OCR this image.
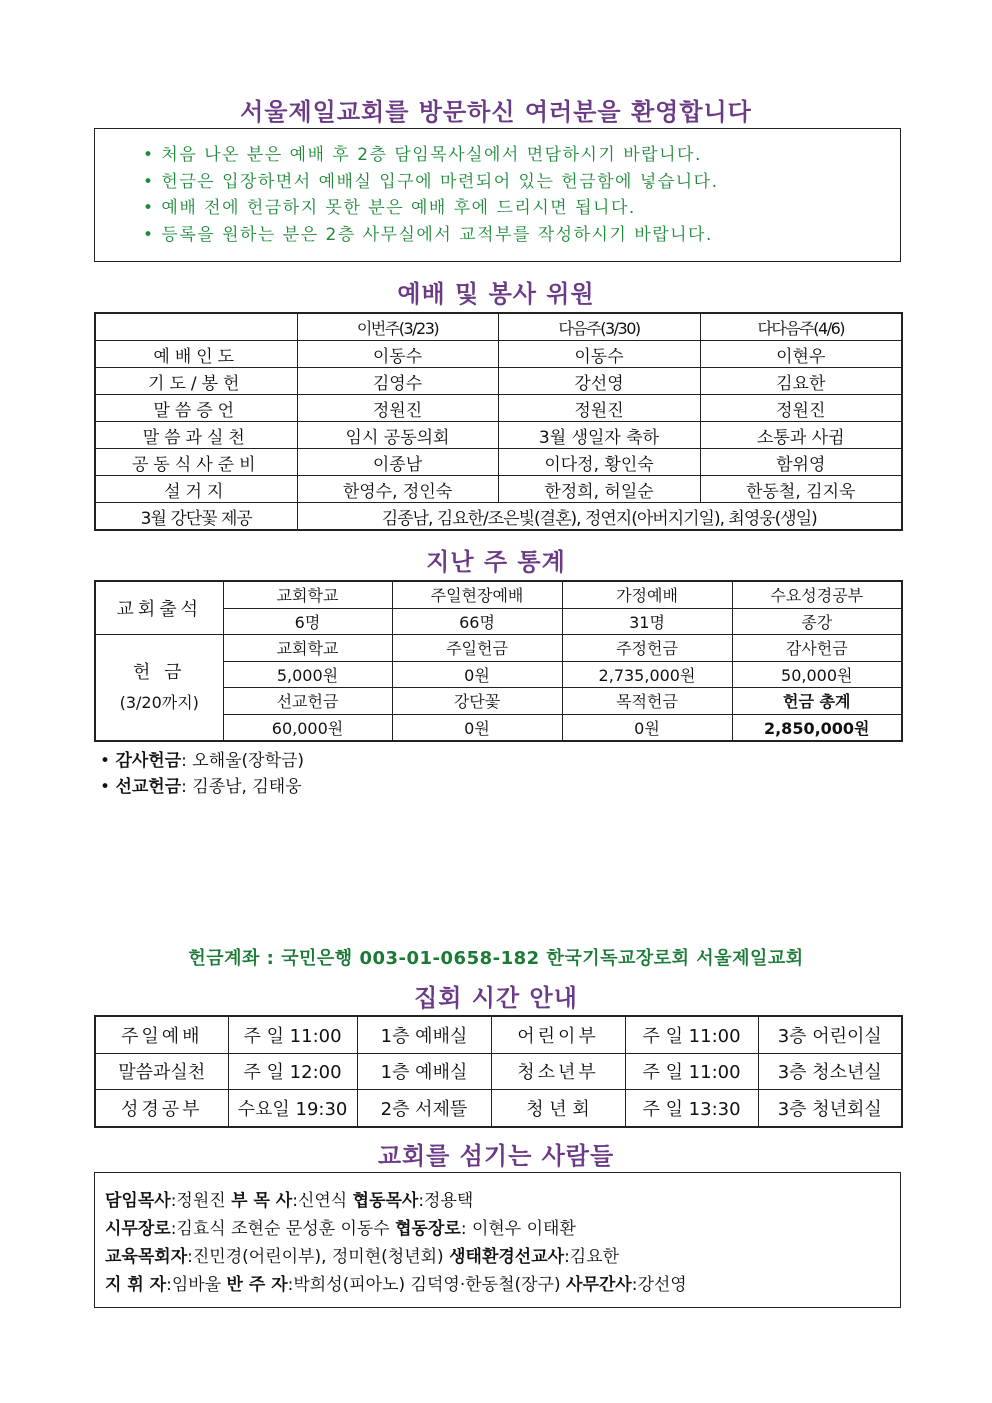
서울제일교회를 방문하신 여러분을 환영합니다
• 처음 나온 분은 예배 후 2층 담임목사실에서 면담하시기 바랍니다.
• 헌금은 입장하면서 예배실 입구에 마련되어 있는 헌금함에 넣습니다.
• 예배 전에 헌금하지 못한 분은 예배 후에 드리시면 됩니다.
• 등록을 원하는 분은 2층 사무실에서 교적부를 작성하시기 바랍니다.
예배 및 봉사 위원
	이번주(3/23)	다음주(3/30)	다다음주(4/6)
예배인도	이동수	이동수	이현우
기도/봉헌	김영수	강선영	김요한
말씀증언	정원진	정원진	정원진
말씀과실천	임시 공동의회	3월 생일자 축하	소통과 사귐
공동식사준비	이종남	이다정, 황인숙	함위영
설거지	한영수, 정인숙	한정희, 허일순	한동철, 김지욱
3월 강단꽃 제공	김종남, 김요한/조은빛(결혼), 정연지(아버지기일), 최영웅(생일)		
지난 주 통계
교회출석	교회학교	주일현장예배	가정예배	수요성경공부
	6명	66명	31명	종강

헌 금
(3/20까지)	교회학교	주일헌금	주정헌금	감사헌금
	5,000원	0원	2,735,000원	50,000원
	선교헌금	강단꽃	목적헌금	헌금 총계
	60,000원	0원	0원	2,850,000원
• 감사헌금: 오해울(장학금)
• 선교헌금: 김종남, 김태웅
헌금계좌 : 국민은행 003-01-0658-182 한국기독교장로회 서울제일교회
집회 시간 안내
주일예배	주 일 11:00	1층 예배실	어린이부	주 일 11:00	3층 어린이실
말씀과실천	주 일 12:00	1층 예배실	청소년부	주 일 11:00	3층 청소년실
성경공부	수요일 19:30	2층 서제뜰	청 년 회	주 일 13:30	3층 청년회실
교회를 섬기는 사람들
담임목사:정원진 부 목 사:신연식 협동목사:정용택
시무장로:김효식 조현순 문성훈 이동수 협동장로: 이현우 이태환
교육목회자:진민경(어린이부), 정미현(청년회) 생태환경선교사:김요한
지 휘 자:임바울 반 주 자:박희성(피아노) 김덕영·한동철(장구) 사무간사:강선영
